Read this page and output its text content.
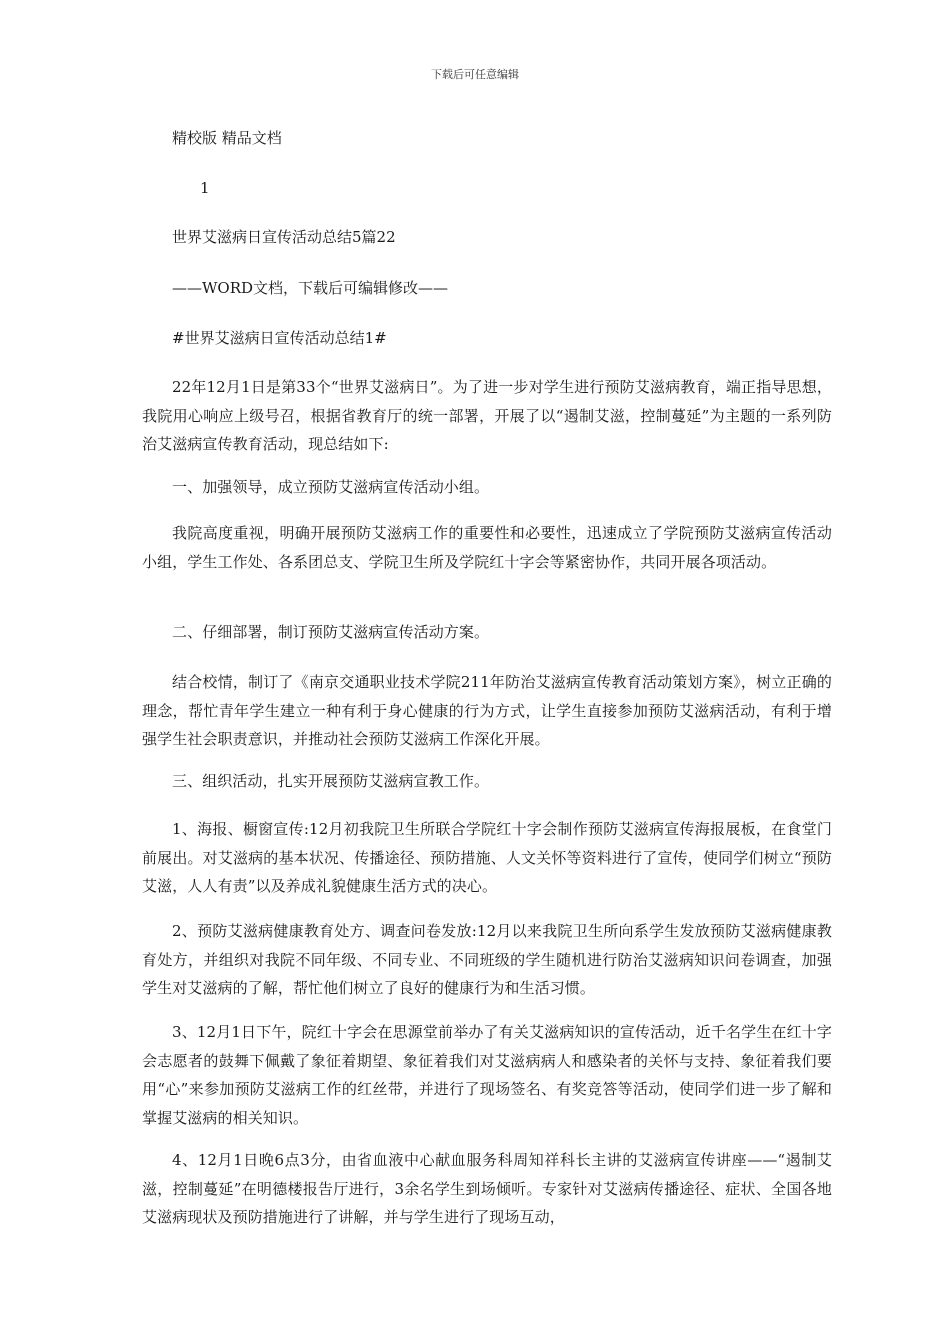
下载后可任意编辑
精校版 精品文档
1
世界艾滋病日宣传活动总结5篇22
——WORD文档，下载后可编辑修改——
#世界艾滋病日宣传活动总结1#
22年12月1日是第33个“世界艾滋病日”。为了进一步对学生进行预防艾滋病教育，端正指导思想，我院用心响应上级号召，根据省教育厅的统一部署，开展了以“遏制艾滋，控制蔓延”为主题的一系列防治艾滋病宣传教育活动，现总结如下:
一、加强领导，成立预防艾滋病宣传活动小组。
我院高度重视，明确开展预防艾滋病工作的重要性和必要性，迅速成立了学院预防艾滋病宣传活动小组，学生工作处、各系团总支、学院卫生所及学院红十字会等紧密协作，共同开展各项活动。
二、仔细部署，制订预防艾滋病宣传活动方案。
结合校情，制订了《南京交通职业技术学院211年防治艾滋病宣传教育活动策划方案》，树立正确的理念，帮忙青年学生建立一种有利于身心健康的行为方式，让学生直接参加预防艾滋病活动，有利于增强学生社会职责意识，并推动社会预防艾滋病工作深化开展。
三、组织活动，扎实开展预防艾滋病宣教工作。
1、海报、橱窗宣传:12月初我院卫生所联合学院红十字会制作预防艾滋病宣传海报展板，在食堂门前展出。对艾滋病的基本状况、传播途径、预防措施、人文关怀等资料进行了宣传，使同学们树立“预防艾滋，人人有责”以及养成礼貌健康生活方式的决心。
2、预防艾滋病健康教育处方、调查问卷发放:12月以来我院卫生所向系学生发放预防艾滋病健康教育处方，并组织对我院不同年级、不同专业、不同班级的学生随机进行防治艾滋病知识问卷调查，加强学生对艾滋病的了解，帮忙他们树立了良好的健康行为和生活习惯。
3、12月1日下午，院红十字会在思源堂前举办了有关艾滋病知识的宣传活动，近千名学生在红十字会志愿者的鼓舞下佩戴了象征着期望、象征着我们对艾滋病病人和感染者的关怀与支持、象征着我们要用“心”来参加预防艾滋病工作的红丝带，并进行了现场签名、有奖竞答等活动，使同学们进一步了解和掌握艾滋病的相关知识。
4、12月1日晚6点3分，由省血液中心献血服务科周知祥科长主讲的艾滋病宣传讲座——“遏制艾滋，控制蔓延”在明德楼报告厅进行，3余名学生到场倾听。专家针对艾滋病传播途径、症状、全国各地艾滋病现状及预防措施进行了讲解，并与学生进行了现场互动，
